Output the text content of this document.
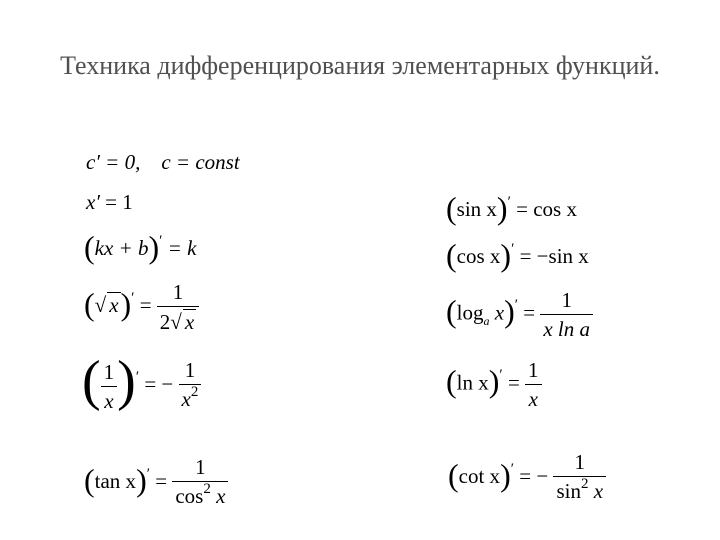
Техника дифференцирования элементарных функций.
c′ = 0, c = const
x′ = 1
(kx + b)′ = k
(√ $x)' = \frac{1}{2√ x}$
( $\frac{1}{x} )'$ = − $\frac{1}{x^2}$
(tan $x)' = \frac{1}{\cos^2 x}$
(sin x)′ = cos x
(cos x)′ = −sin x
($\log_a$ $x)' = \frac{1}{\text{x ln a}}$
(ln $x)' = \frac{1}{x}$
(cot x)′ = − $\frac{1}{\sin^2 x}$
